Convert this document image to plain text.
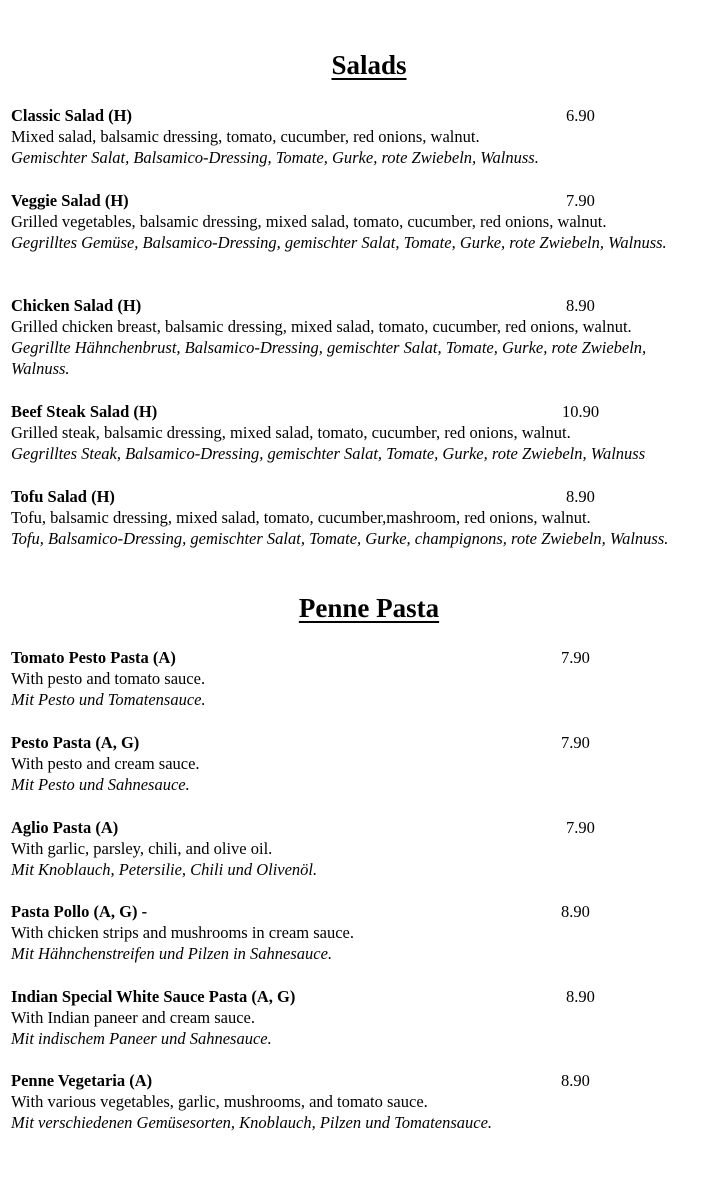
Salads
Classic Salad (H)	6.90
Mixed salad, balsamic dressing, tomato, cucumber, red onions, walnut.
Gemischter Salat, Balsamico-Dressing, Tomate, Gurke, rote Zwiebeln, Walnuss.
Veggie Salad (H)	7.90
Grilled vegetables, balsamic dressing, mixed salad, tomato, cucumber, red onions, walnut.
Gegrilltes Gemüse, Balsamico-Dressing, gemischter Salat, Tomate, Gurke, rote Zwiebeln, Walnuss.
Chicken Salad (H)	8.90
Grilled chicken breast, balsamic dressing, mixed salad, tomato, cucumber, red onions, walnut.
Gegrillte Hähnchenbrust, Balsamico-Dressing, gemischter Salat, Tomate, Gurke, rote Zwiebeln, Walnuss.
Beef Steak Salad (H)	10.90
Grilled steak, balsamic dressing, mixed salad, tomato, cucumber, red onions, walnut.
Gegrilltes Steak, Balsamico-Dressing, gemischter Salat, Tomate, Gurke, rote Zwiebeln, Walnuss
Tofu Salad (H)	8.90
Tofu, balsamic dressing, mixed salad, tomato, cucumber,mashroom, red onions, walnut.
Tofu, Balsamico-Dressing, gemischter Salat, Tomate, Gurke, champignons, rote Zwiebeln, Walnuss.
Penne Pasta
Tomato Pesto Pasta (A)	7.90
With pesto and tomato sauce.
Mit Pesto und Tomatensauce.
Pesto Pasta (A, G)	7.90
With pesto and cream sauce.
Mit Pesto und Sahnesauce.
Aglio Pasta (A)	7.90
With garlic, parsley, chili, and olive oil.
Mit Knoblauch, Petersilie, Chili und Olivenöl.
Pasta Pollo (A, G) -	8.90
With chicken strips and mushrooms in cream sauce.
Mit Hähnchenstreifen und Pilzen in Sahnesauce.
Indian Special White Sauce Pasta (A, G)	8.90
With Indian paneer and cream sauce.
Mit indischem Paneer und Sahnesauce.
Penne Vegetaria (A)	8.90
With various vegetables, garlic, mushrooms, and tomato sauce.
Mit verschiedenen Gemüsesorten, Knoblauch, Pilzen und Tomatensauce.
